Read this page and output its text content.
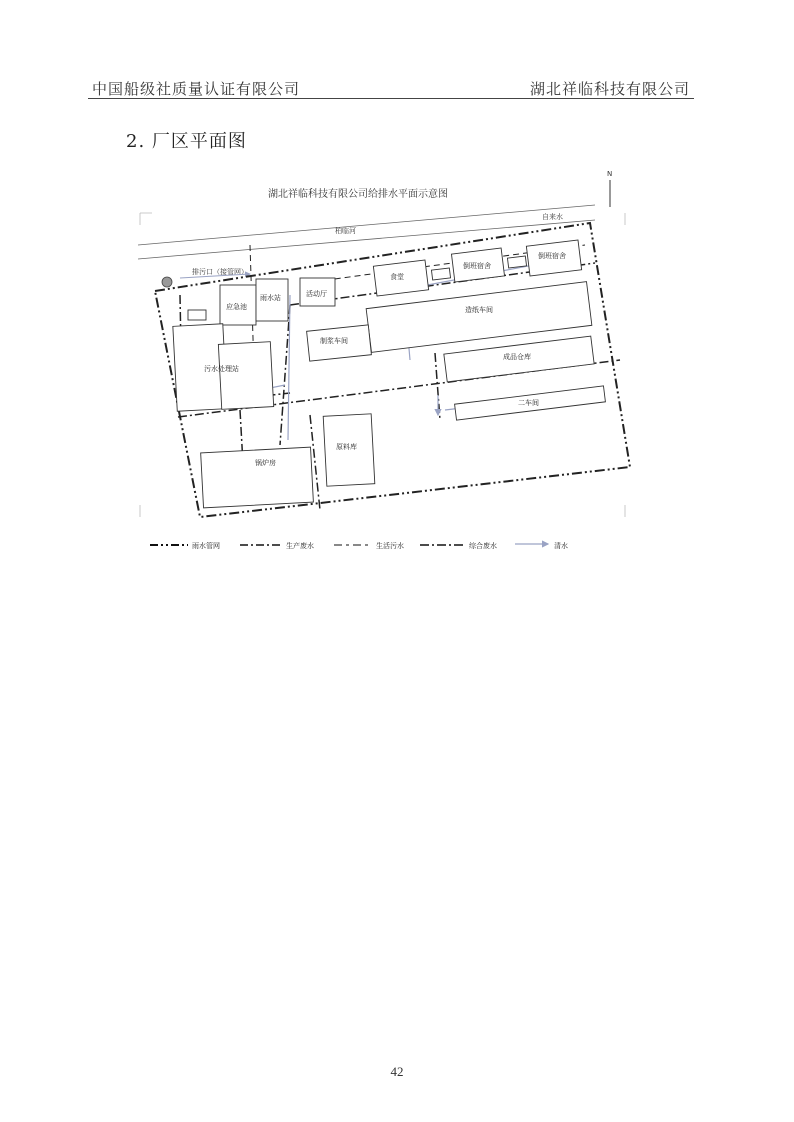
中国船级社质量认证有限公司	湖北祥临科技有限公司
2. 厂区平面图
湖北祥临科技有限公司给排水平面示意图
N
柏临河
自来水
排污口（接管网）
应急池
雨水站	活动厅
食堂
倒班宿舍
倒班宿舍
造纸车间
制浆车间
污水处理站
成品仓库
二车间
原料库
锅炉房
雨水管网	生产废水	生活污水	综合废水	清水
42
